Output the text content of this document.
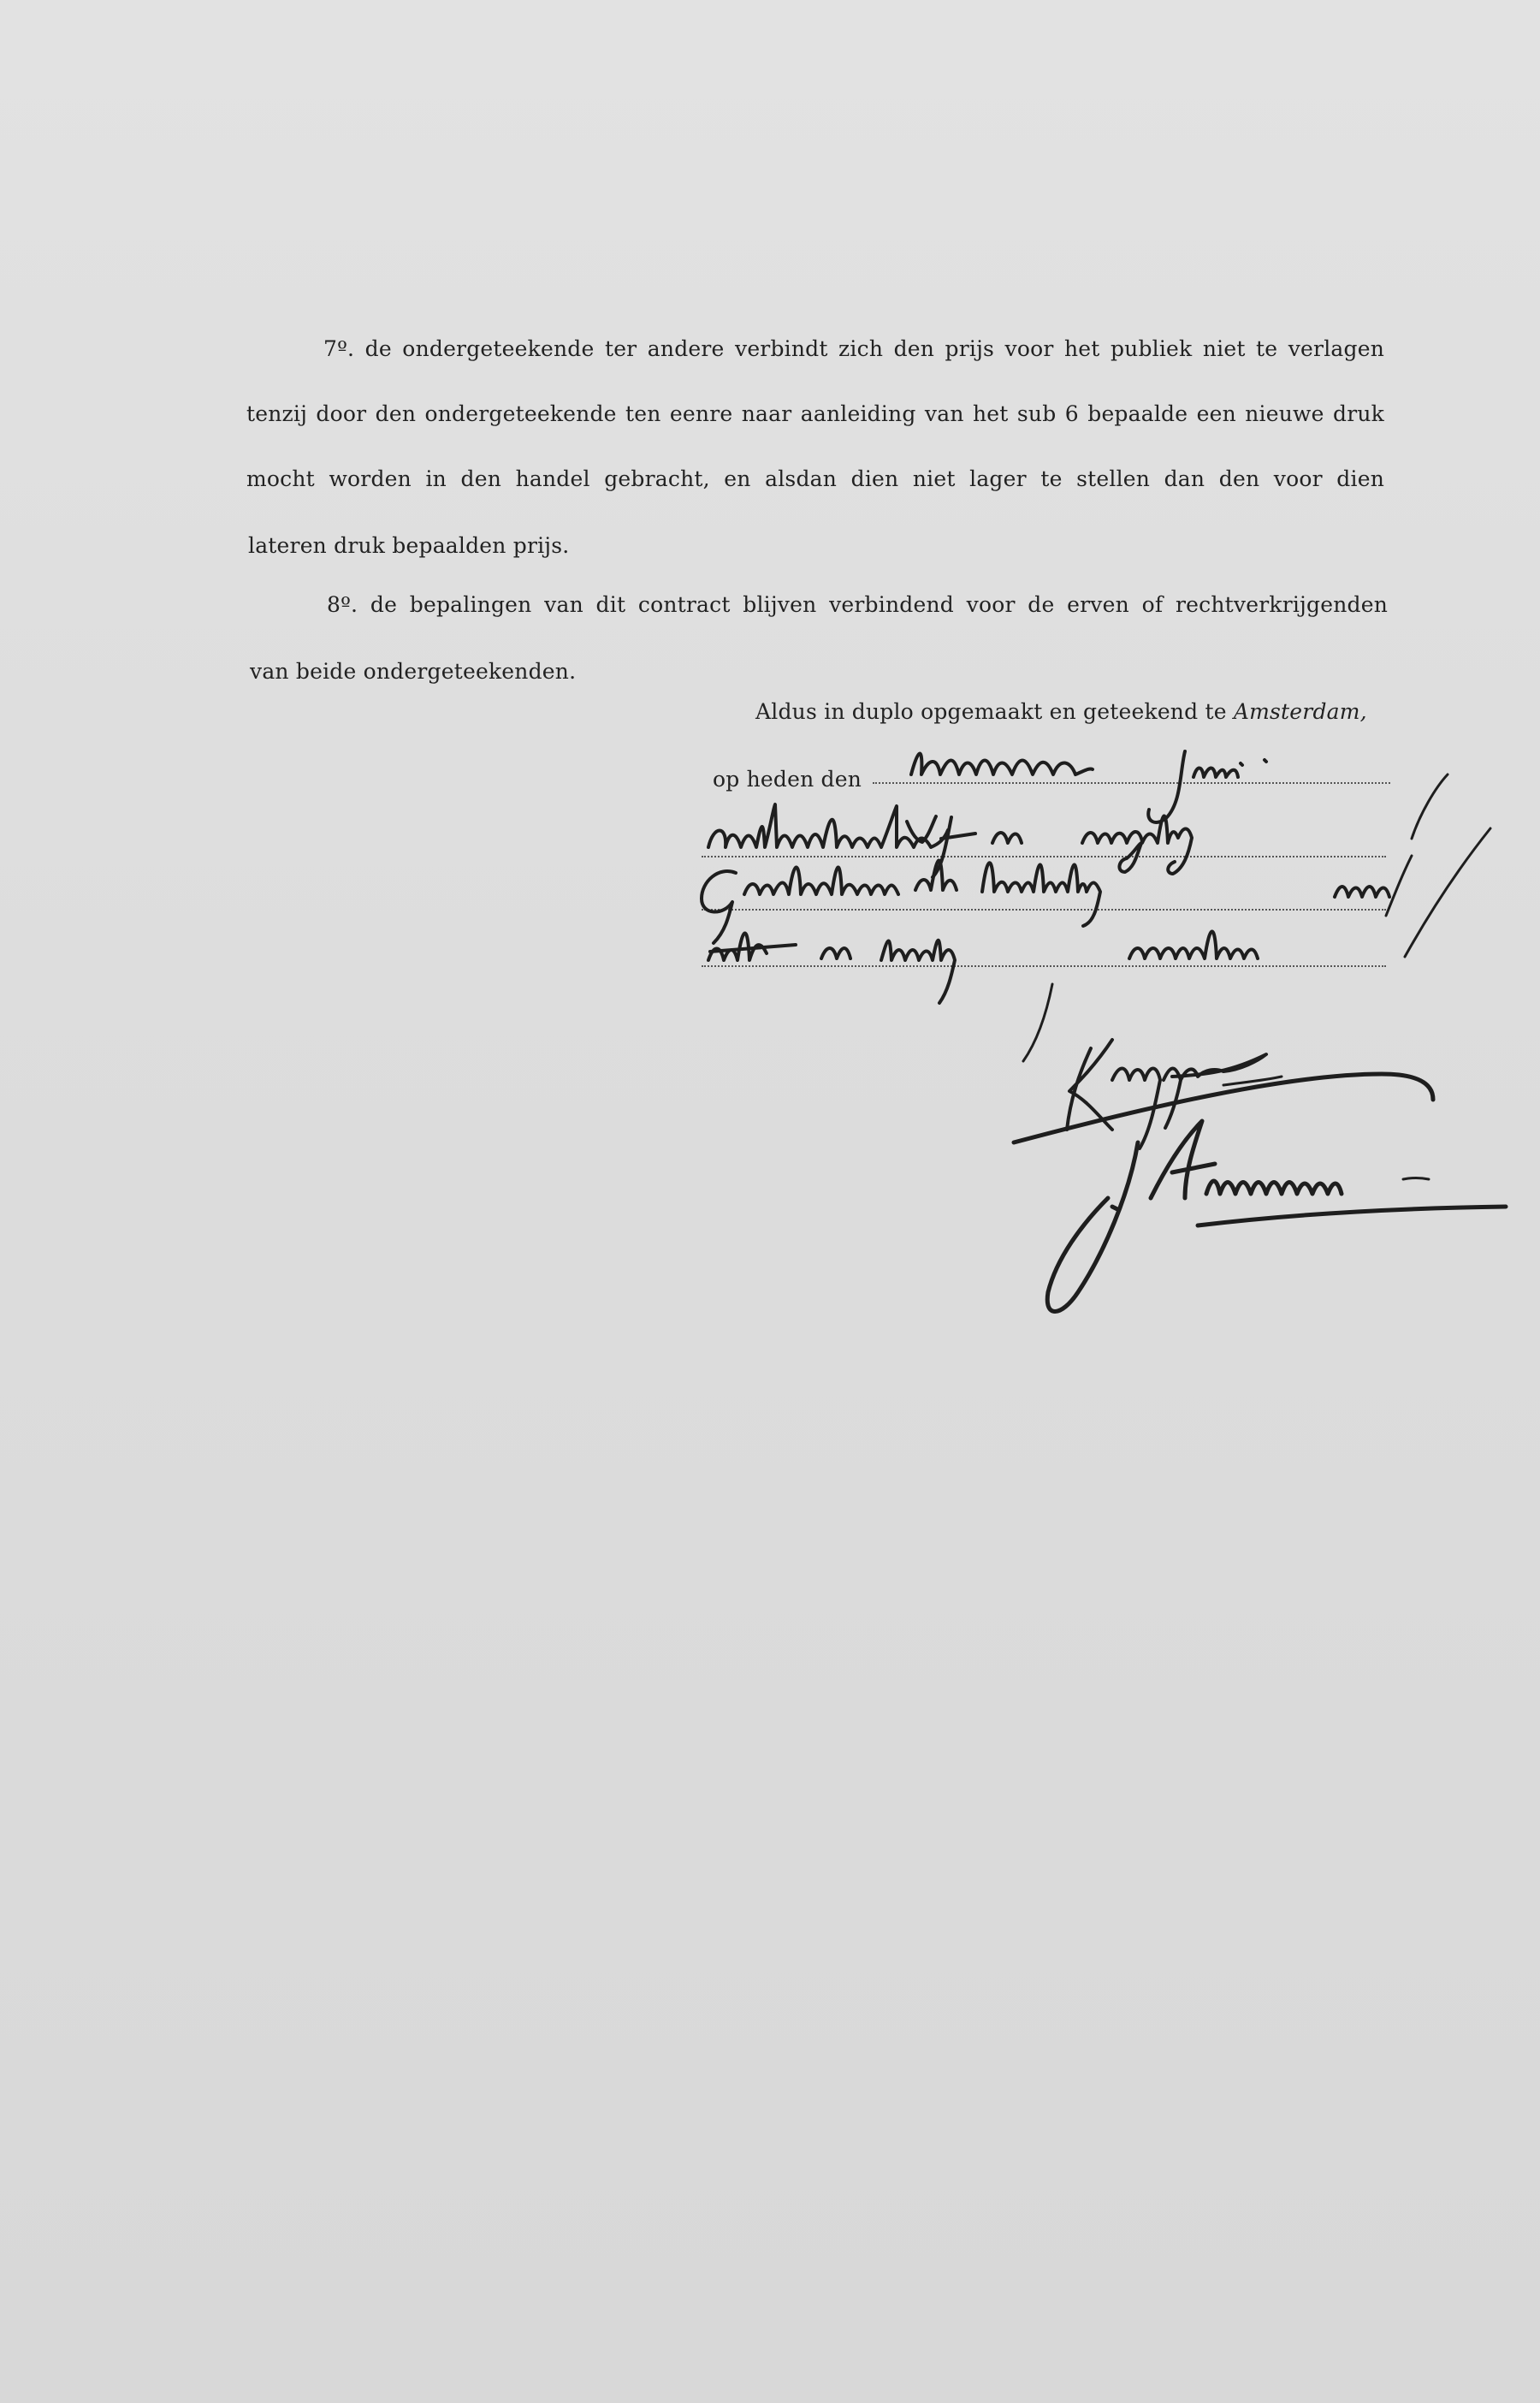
7º. de ondergeteekende ter andere verbindt zich den prijs voor het publiek niet te verlagen
tenzij door den ondergeteekende ten eenre naar aanleiding van het sub 6 bepaalde een nieuwe druk
mocht worden in den handel gebracht, en alsdan dien niet lager te stellen dan den voor dien
lateren druk bepaalden prijs.
8º. de bepalingen van dit contract blijven verbindend voor de erven of rechtverkrijgenden
van beide ondergeteekenden.
Aldus in duplo opgemaakt en geteekend te Amsterdam,
op heden den
